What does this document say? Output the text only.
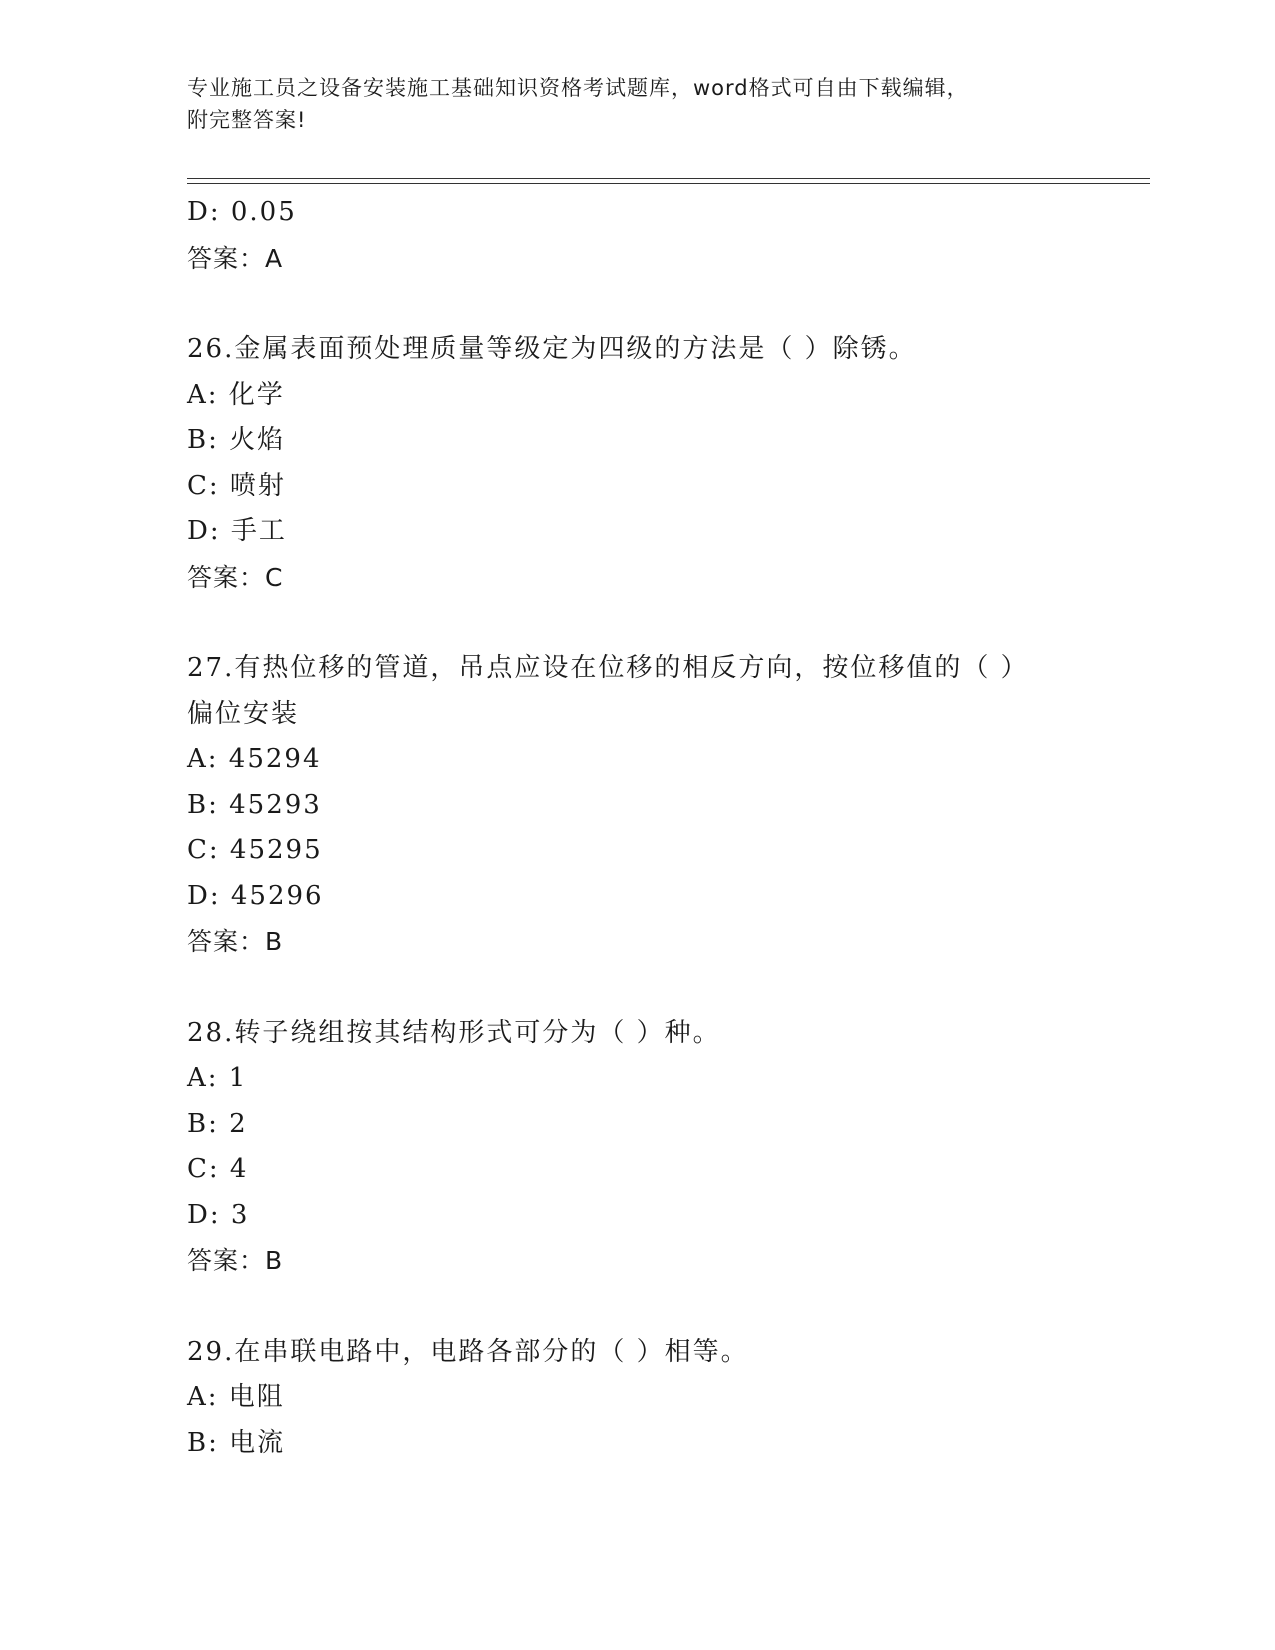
专业施工员之设备安装施工基础知识资格考试题库，word格式可自由下载编辑，
附完整答案!
D: 0.05
答案：A
26.金属表面预处理质量等级定为四级的方法是（ ）除锈。
A: 化学
B: 火焰
C: 喷射
D: 手工
答案：C
27.有热位移的管道，吊点应设在位移的相反方向，按位移值的（ ）
偏位安装
A: 45294
B: 45293
C: 45295
D: 45296
答案：B
28.转子绕组按其结构形式可分为（ ）种。
A: 1
B: 2
C: 4
D: 3
答案：B
29.在串联电路中，电路各部分的（ ）相等。
A: 电阻
B: 电流
